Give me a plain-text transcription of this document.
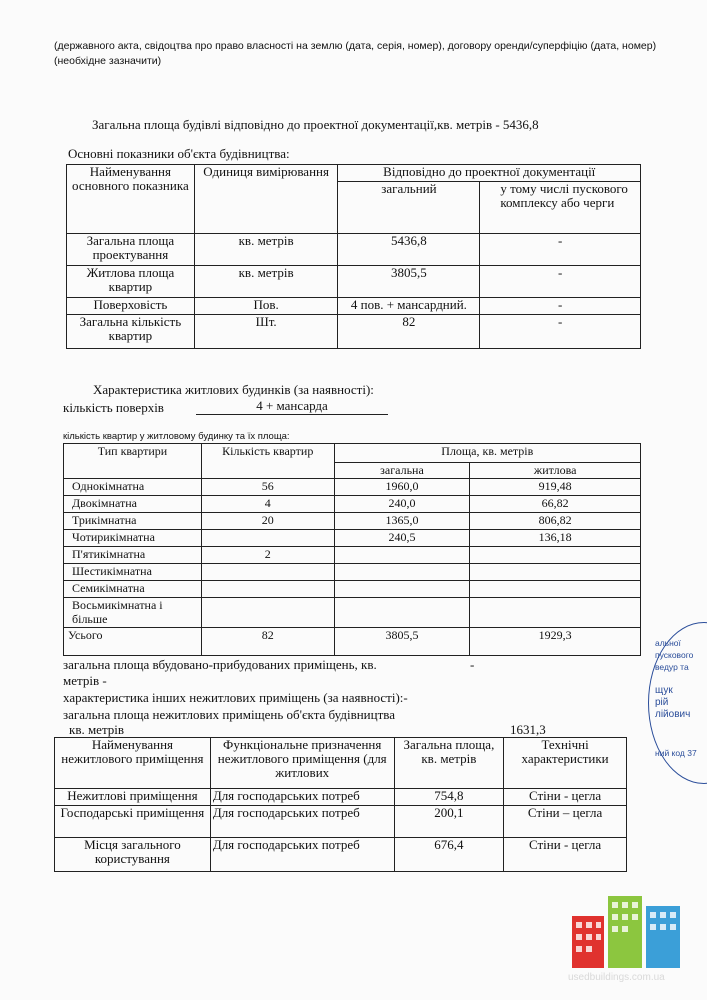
(державного акта, свідоцтва про право власності на землю (дата, серія, номер), договору оренди/суперфіцію (дата, номер)
(необхідне зазначити)
Загальна площа будівлі відповідно до проектної документації,кв. метрів - 5436,8
Основні показники об'єкта будівництва:
Найменування основного показника	Одиниця вимірювання	Відповідно до проектної документації	
		загальний	у тому числі пускового комплексу або черги
Загальна площа проектування	кв. метрів	5436,8	-
Житлова площа квартир	кв. метрів	3805,5	-
Поверховість	Пов.	4 пов. + мансардний.	-
Загальна кількість квартир	Шт.	82	-
Характеристика житлових будинків (за наявності):
кількість поверхів	4 + мансарда
кількість квартир у житловому будинку та їх площа:
Тип квартири	Кількість квартир	Площа, кв. метрів	
		загальна	житлова
Однокімнатна	56	1960,0	919,48
Двокімнатна	4	240,0	66,82
Трикімнатна	20	1365,0	806,82
Чотирикімнатна		240,5	136,18
П'ятикімнатна	2		
Шестикімнатна			
Семикімнатна			
Восьмикімнатна і більше			
Усього	82	3805,5	1929,3
загальна площа вбудовано-прибудованих приміщень, кв.	-
метрів -
характеристика інших нежитлових приміщень (за наявності):-
загальна площа нежитлових приміщень об'єкта будівництва
кв. метрів	1631,3
Найменування нежитлового приміщення	Функціональне призначення нежитлового приміщення (для житлових	Загальна площа, кв. метрів	Технічні характеристики
Нежитлові приміщення	Для господарських потреб	754,8	Стіни - цегла
Господарські приміщення	Для господарських потреб	200,1	Стіни – цегла
Місця загального користування	Для господарських потреб	676,4	Стіни - цегла
альної
пускового
ведур та
щук
рій
лійович
ний код 37
usedbuildings.com.ua
